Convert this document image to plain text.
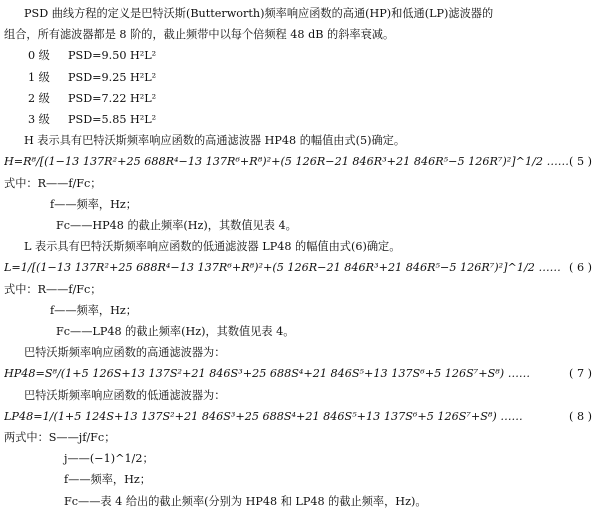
PSD 曲线方程的定义是巴特沃斯(Butterworth)频率响应函数的高通(HP)和低通(LP)滤波器的
组合，所有滤波器都是 8 阶的，截止频带中以每个倍频程 48 dB 的斜率衰减。
0 级 PSD=9.50 H²L²
1 级 PSD=9.25 H²L²
2 级 PSD=7.22 H²L²
3 级 PSD=5.85 H²L²
H 表示具有巴特沃斯频率响应函数的高通滤波器 HP48 的幅值由式(5)确定。
H=R⁸/[(1−13 137R²+25 688R⁴−13 137R⁶+R⁸)²+(5 126R−21 846R³+21 846R⁵−5 126R⁷)²]^1/2 …… ( 5 )
式中：R——f/Fc；
f——频率，Hz；
Fc——HP48 的截止频率(Hz)，其数值见表 4。
L 表示具有巴特沃斯频率响应函数的低通滤波器 LP48 的幅值由式(6)确定。
L=1/[(1−13 137R²+25 688R⁴−13 137R⁶+R⁸)²+(5 126R−21 846R³+21 846R⁵−5 126R⁷)²]^1/2 …… ( 6 )
式中：R——f/Fc；
f——频率，Hz；
Fc——LP48 的截止频率(Hz)，其数值见表 4。
巴特沃斯频率响应函数的高通滤波器为：
HP48=S⁸/(1+5 126S+13 137S²+21 846S³+25 688S⁴+21 846S⁵+13 137S⁶+5 126S⁷+S⁸) ……	( 7 )
巴特沃斯频率响应函数的低通滤波器为：
LP48=1/(1+5 124S+13 137S²+21 846S³+25 688S⁴+21 846S⁵+13 137S⁶+5 126S⁷+S⁸) ……	( 8 )
两式中：S——jf/Fc；
j——(−1)^1/2；
f——频率，Hz；
Fc——表 4 给出的截止频率(分别为 HP48 和 LP48 的截止频率，Hz)。
